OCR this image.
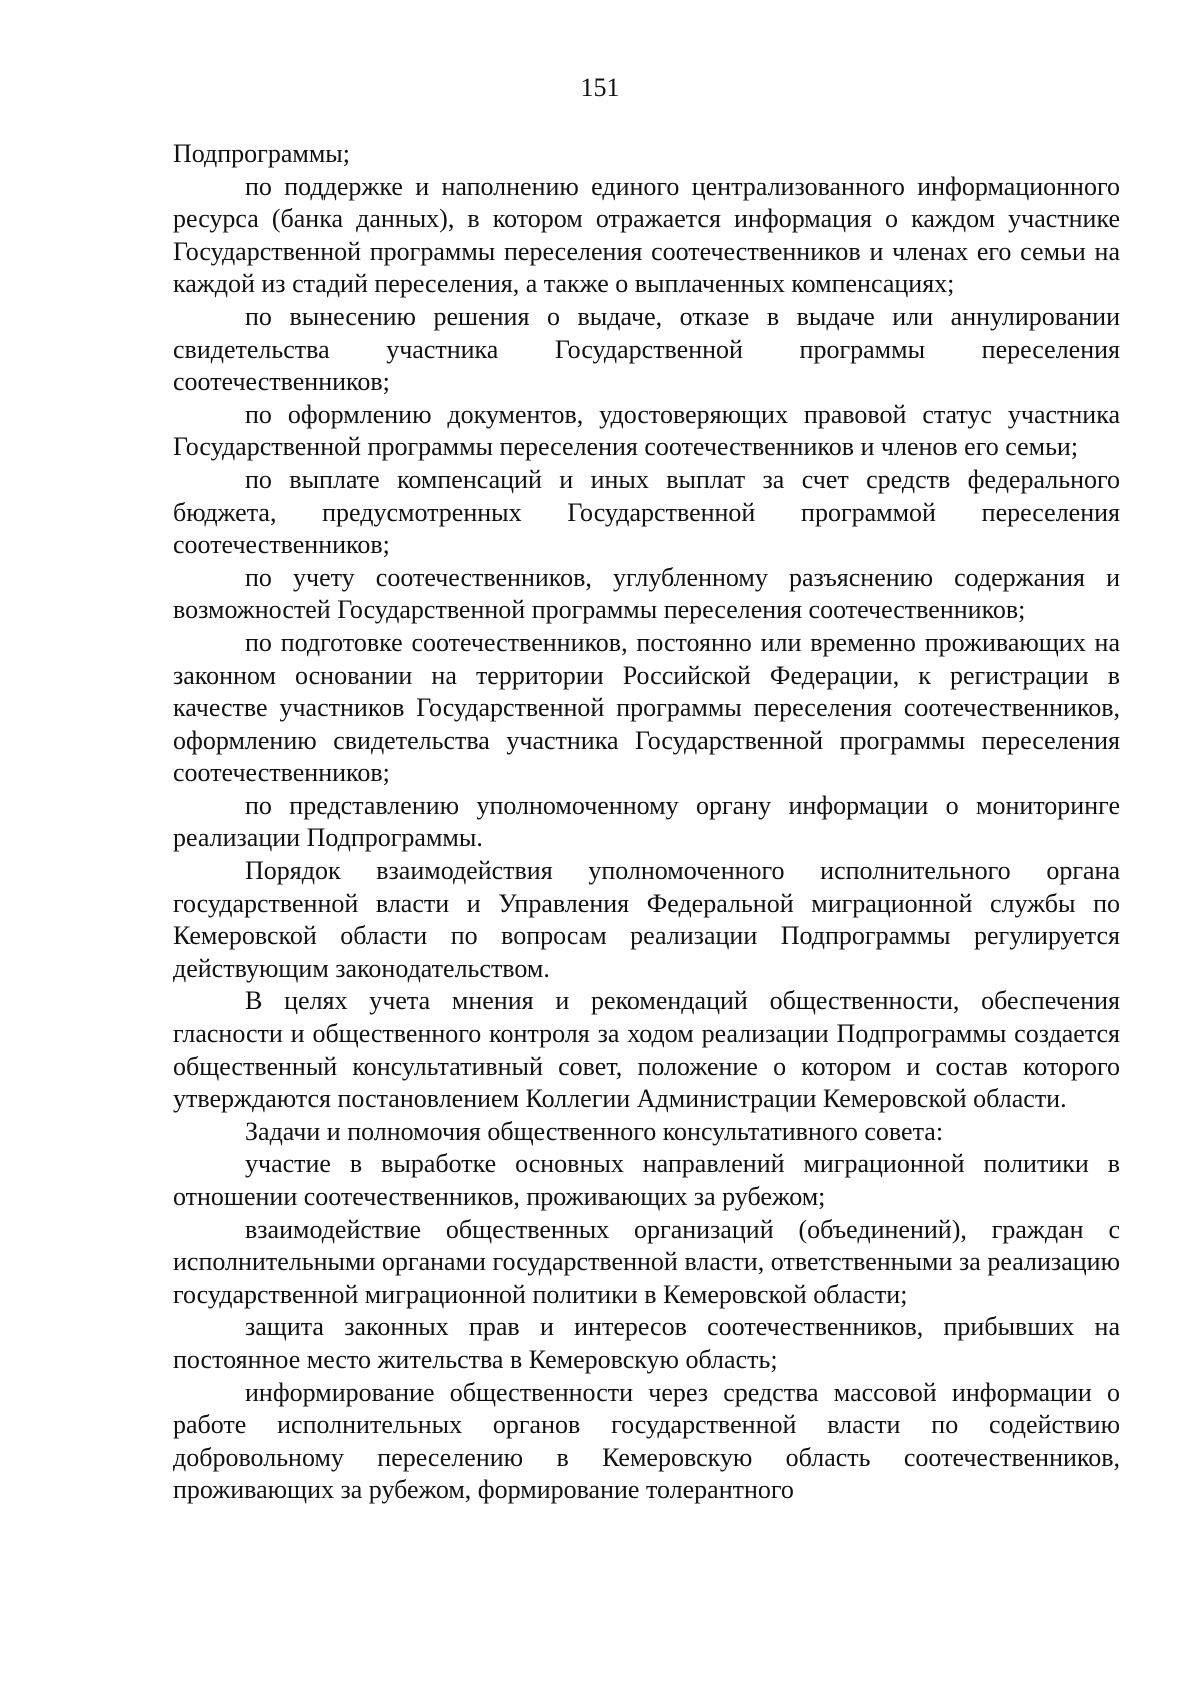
151

Подпрограммы;

по поддержке и наполнению единого централизованного информационного ресурса (банка данных), в котором отражается информация о каждом участнике Государственной программы переселения соотечественников и членах его семьи на каждой из стадий переселения, а также о выплаченных компенсациях;

по вынесению решения о выдаче, отказе в выдаче или аннулировании свидетельства участника Государственной программы переселения соотечественников;

по оформлению документов, удостоверяющих правовой статус участника Государственной программы переселения соотечественников и членов его семьи;

по выплате компенсаций и иных выплат за счет средств федерального бюджета, предусмотренных Государственной программой переселения соотечественников;

по учету соотечественников, углубленному разъяснению содержания и возможностей Государственной программы переселения соотечественников;

по подготовке соотечественников, постоянно или временно проживающих на законном основании на территории Российской Федерации, к регистрации в качестве участников Государственной программы переселения соотечественников, оформлению свидетельства участника Государственной программы переселения соотечественников;

по представлению уполномоченному органу информации о мониторинге реализации Подпрограммы.

Порядок взаимодействия уполномоченного исполнительного органа государственной власти и Управления Федеральной миграционной службы по Кемеровской области по вопросам реализации Подпрограммы регулируется действующим законодательством.

В целях учета мнения и рекомендаций общественности, обеспечения гласности и общественного контроля за ходом реализации Подпрограммы создается общественный консультативный совет, положение о котором и состав которого утверждаются постановлением Коллегии Администрации Кемеровской области.

Задачи и полномочия общественного консультативного совета:

участие в выработке основных направлений миграционной политики в отношении соотечественников, проживающих за рубежом;

взаимодействие общественных организаций (объединений), граждан с исполнительными органами государственной власти, ответственными за реализацию государственной миграционной политики в Кемеровской области;

защита законных прав и интересов соотечественников, прибывших на постоянное место жительства в Кемеровскую область;

информирование общественности через средства массовой информации о работе исполнительных органов государственной власти по содействию добровольному переселению в Кемеровскую область соотечественников, проживающих за рубежом, формирование толерантного
